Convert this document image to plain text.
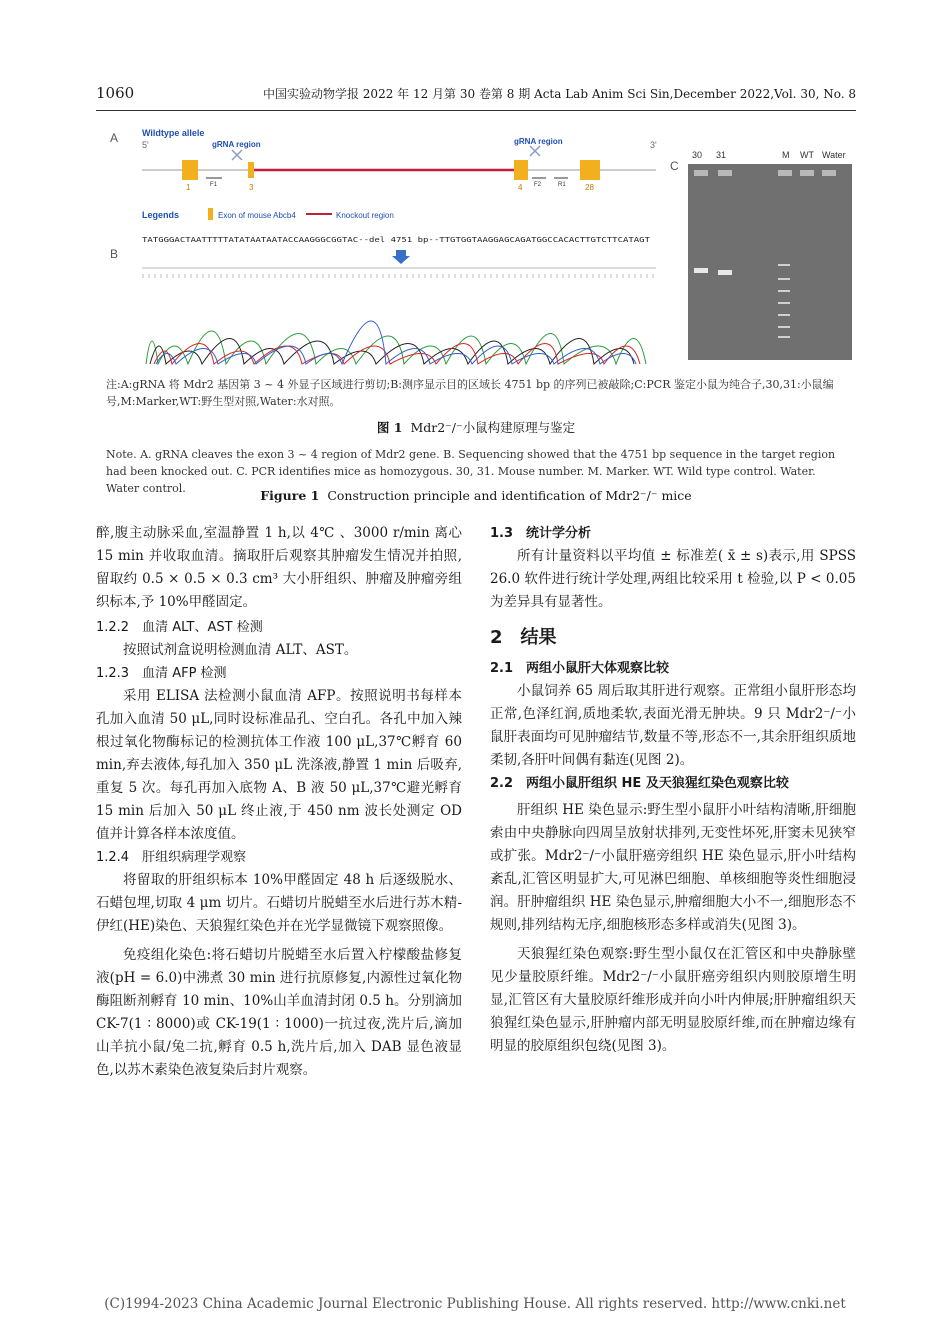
1060	中国实验动物学报 2022 年 12 月第 30 卷第 8 期 Acta Lab Anim Sci Sin,December 2022,Vol. 30, No. 8
A	Wildtype allele
5'	3'
gRNA region	gRNA region
1	3	4	28
F1	F2	R1
Legends	Exon of mouse Abcb4	Knockout region
B
TATGGGACTAATTTTTATATAATAATACCAAGGGCGGTAC--del 4751 bp--TTGTGGTAAGGAGCAGATGGCCACACTTGTCTTCATAGT
C
30 31	M WT Water
注:A:gRNA 将 Mdr2 基因第 3 ~ 4 外显子区域进行剪切;B:测序显示目的区域长 4751 bp 的序列已被敲除;C:PCR 鉴定小鼠为纯合子,30,31:小鼠编号,M:Marker,WT:野生型对照,Water:水对照。
图 1 Mdr2⁻/⁻小鼠构建原理与鉴定
Note. A. gRNA cleaves the exon 3 ~ 4 region of Mdr2 gene. B. Sequencing showed that the 4751 bp sequence in the target region had been knocked out. C. PCR identifies mice as homozygous. 30, 31. Mouse number. M. Marker. WT. Wild type control. Water. Water control.	Figure 1 Construction principle and identification of Mdr2⁻/⁻ mice

醉,腹主动脉采血,室温静置 1 h,以 4℃ 、3000 r/min 离心 15 min 并收取血清。摘取肝后观察其肿瘤发生情况并拍照,留取约 0.5 × 0.5 × 0.3 cm³ 大小肝组织、肿瘤及肿瘤旁组织标本,予 10%甲醛固定。

1.2.2　血清 ALT、AST 检测

按照试剂盒说明检测血清 ALT、AST。

1.2.3　血清 AFP 检测

采用 ELISA 法检测小鼠血清 AFP。按照说明书每样本孔加入血清 50 μL,同时设标准品孔、空白孔。各孔中加入辣根过氧化物酶标记的检测抗体工作液 100 μL,37℃孵育 60 min,弃去液体,每孔加入 350 μL 洗涤液,静置 1 min 后吸弃,重复 5 次。每孔再加入底物 A、B 液 50 μL,37℃避光孵育 15 min 后加入 50 μL 终止液,于 450 nm 波长处测定 OD 值并计算各样本浓度值。

1.2.4　肝组织病理学观察

将留取的肝组织标本 10%甲醛固定 48 h 后逐级脱水、石蜡包埋,切取 4 μm 切片。石蜡切片脱蜡至水后进行苏木精-伊红(HE)染色、天狼猩红染色并在光学显微镜下观察照像。

免疫组化染色:将石蜡切片脱蜡至水后置入柠檬酸盐修复液(pH = 6.0)中沸煮 30 min 进行抗原修复,内源性过氧化物酶阻断剂孵育 10 min、10%山羊血清封闭 0.5 h。分别滴加 CK-7(1 ∶ 8000)或 CK-19(1 ∶ 1000)一抗过夜,洗片后,滴加山羊抗小鼠/兔二抗,孵育 0.5 h,洗片后,加入 DAB 显色液显色,以苏木素染色液复染后封片观察。

1.3　统计学分析

所有计量资料以平均值 ± 标准差( x̄ ± s)表示,用 SPSS 26.0 软件进行统计学处理,两组比较采用 t 检验,以 P < 0.05 为差异具有显著性。

2　结果

2.1　两组小鼠肝大体观察比较

小鼠饲养 65 周后取其肝进行观察。正常组小鼠肝形态均正常,色泽红润,质地柔软,表面光滑无肿块。9 只 Mdr2⁻/⁻小鼠肝表面均可见肿瘤结节,数量不等,形态不一,其余肝组织质地柔韧,各肝叶间偶有黏连(见图 2)。

2.2　两组小鼠肝组织 HE 及天狼猩红染色观察比较

肝组织 HE 染色显示:野生型小鼠肝小叶结构清晰,肝细胞索由中央静脉向四周呈放射状排列,无变性坏死,肝窦未见狭窄或扩张。Mdr2⁻/⁻小鼠肝癌旁组织 HE 染色显示,肝小叶结构紊乱,汇管区明显扩大,可见淋巴细胞、单核细胞等炎性细胞浸润。肝肿瘤组织 HE 染色显示,肿瘤细胞大小不一,细胞形态不规则,排列结构无序,细胞核形态多样或消失(见图 3)。

天狼猩红染色观察:野生型小鼠仅在汇管区和中央静脉壁见少量胶原纤维。Mdr2⁻/⁻小鼠肝癌旁组织内则胶原增生明显,汇管区有大量胶原纤维形成并向小叶内伸展;肝肿瘤组织天狼猩红染色显示,肝肿瘤内部无明显胶原纤维,而在肿瘤边缘有明显的胶原组织包绕(见图 3)。

(C)1994-2023 China Academic Journal Electronic Publishing House. All rights reserved. http://www.cnki.net
